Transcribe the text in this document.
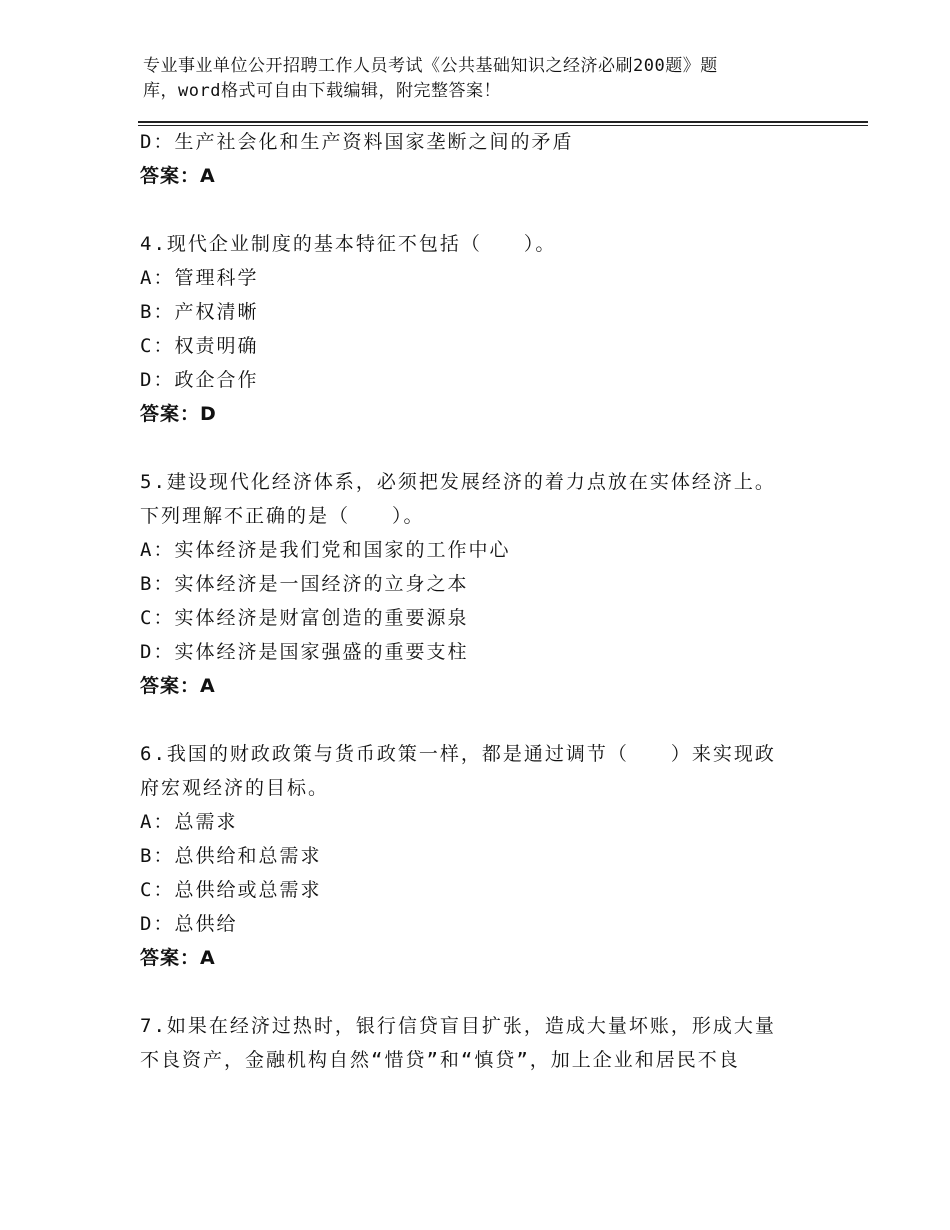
专业事业单位公开招聘工作人员考试《公共基础知识之经济必刷200题》题
库，word格式可自由下载编辑，附完整答案！
D：生产社会化和生产资料国家垄断之间的矛盾
答案：A
4.现代企业制度的基本特征不包括（　　）。
A：管理科学
B：产权清晰
C：权责明确
D：政企合作
答案：D
5.建设现代化经济体系，必须把发展经济的着力点放在实体经济上。
下列理解不正确的是（　　）。
A：实体经济是我们党和国家的工作中心
B：实体经济是一国经济的立身之本
C：实体经济是财富创造的重要源泉
D：实体经济是国家强盛的重要支柱
答案：A
6.我国的财政政策与货币政策一样，都是通过调节（　　）来实现政
府宏观经济的目标。
A：总需求
B：总供给和总需求
C：总供给或总需求
D：总供给
答案：A
7.如果在经济过热时，银行信贷盲目扩张，造成大量坏账，形成大量
不良资产，金融机构自然“惜贷”和“慎贷”，加上企业和居民不良
